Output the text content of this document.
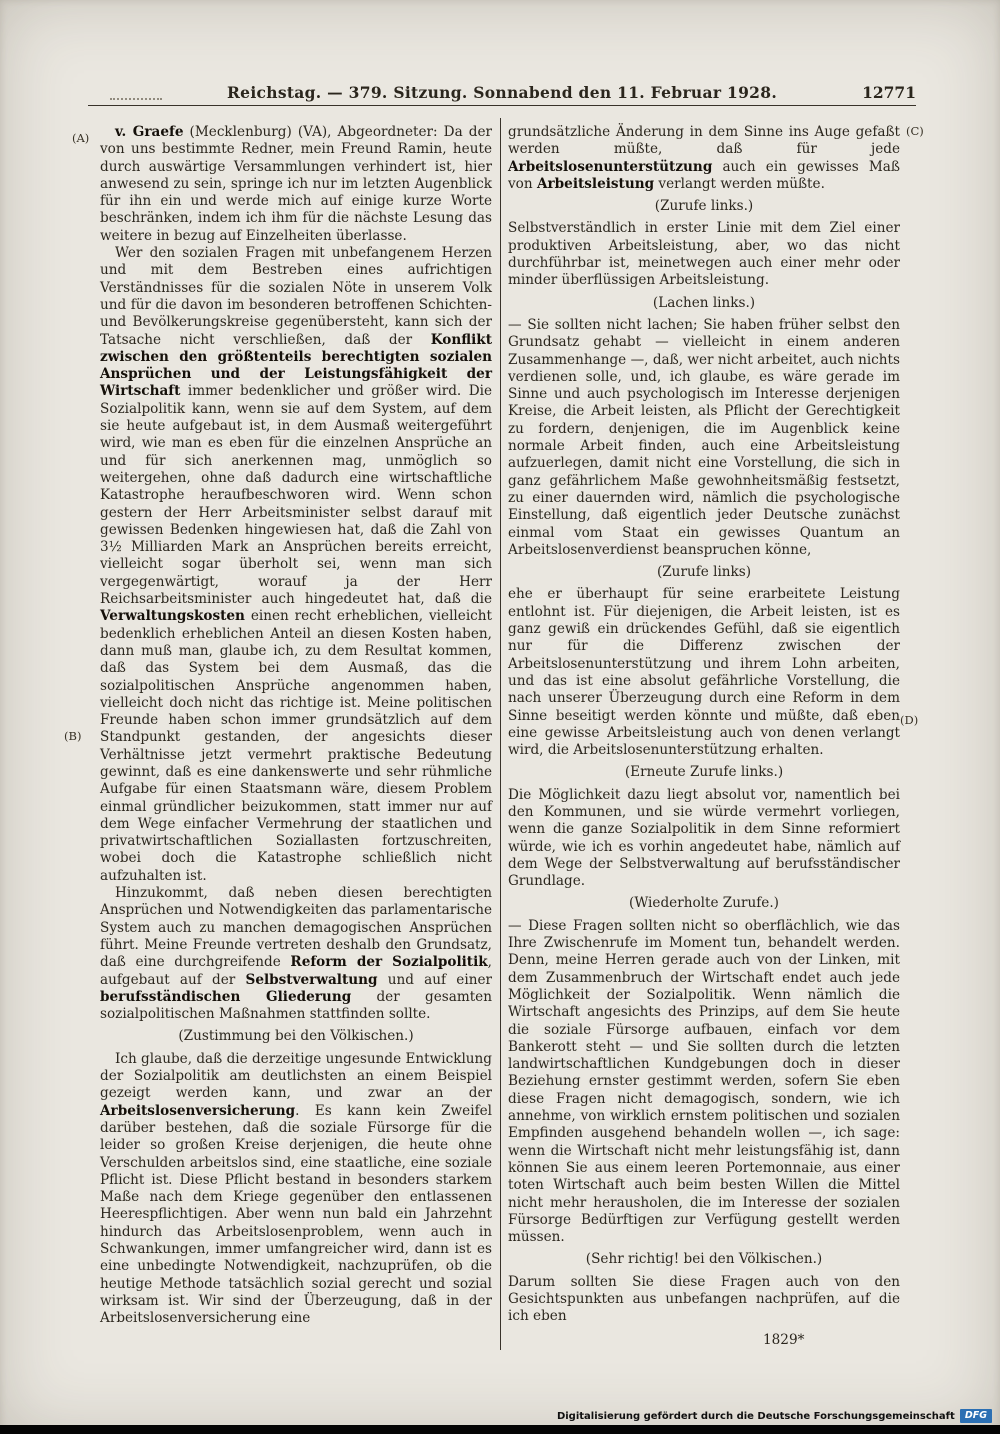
Reichstag. — 379. Sitzung. Sonnabend den 11. Februar 1928.	12771
(A)
(B)
(C)
(D)
v. Graefe (Mecklenburg) (VA), Abgeordneter: Da der von uns bestimmte Redner, mein Freund Ramin, heute durch auswärtige Versammlungen verhindert ist, hier anwesend zu sein, springe ich nur im letzten Augenblick für ihn ein und werde mich auf einige kurze Worte beschränken, indem ich ihm für die nächste Lesung das weitere in bezug auf Einzelheiten überlasse.
Wer den sozialen Fragen mit unbefangenem Herzen und mit dem Bestreben eines aufrichtigen Verständnisses für die sozialen Nöte in unserem Volk und für die davon im besonderen betroffenen Schichten- und Bevölkerungskreise gegenübersteht, kann sich der Tatsache nicht verschließen, daß der Konflikt zwischen den größtenteils berechtigten sozialen Ansprüchen und der Leistungsfähigkeit der Wirtschaft immer bedenklicher und größer wird. Die Sozialpolitik kann, wenn sie auf dem System, auf dem sie heute aufgebaut ist, in dem Ausmaß weitergeführt wird, wie man es eben für die einzelnen Ansprüche an und für sich anerkennen mag, unmöglich so weitergehen, ohne daß dadurch eine wirtschaftliche Katastrophe heraufbeschworen wird. Wenn schon gestern der Herr Arbeitsminister selbst darauf mit gewissen Bedenken hingewiesen hat, daß die Zahl von 3½ Milliarden Mark an Ansprüchen bereits erreicht, vielleicht sogar überholt sei, wenn man sich vergegenwärtigt, worauf ja der Herr Reichsarbeitsminister auch hingedeutet hat, daß die Verwaltungskosten einen recht erheblichen, vielleicht bedenklich erheblichen Anteil an diesen Kosten haben, dann muß man, glaube ich, zu dem Resultat kommen, daß das System bei dem Ausmaß, das die sozialpolitischen Ansprüche angenommen haben, vielleicht doch nicht das richtige ist. Meine politischen Freunde haben schon immer grundsätzlich auf dem Standpunkt gestanden, der angesichts dieser Verhältnisse jetzt vermehrt praktische Bedeutung gewinnt, daß es eine dankenswerte und sehr rühmliche Aufgabe für einen Staatsmann wäre, diesem Problem einmal gründlicher beizukommen, statt immer nur auf dem Wege einfacher Vermehrung der staatlichen und privatwirtschaftlichen Soziallasten fortzuschreiten, wobei doch die Katastrophe schließlich nicht aufzuhalten ist.
Hinzukommt, daß neben diesen berechtigten Ansprüchen und Notwendigkeiten das parlamentarische System auch zu manchen demagogischen Ansprüchen führt. Meine Freunde vertreten deshalb den Grundsatz, daß eine durchgreifende Reform der Sozialpolitik, aufgebaut auf der Selbstverwaltung und auf einer berufsständischen Gliederung der gesamten sozialpolitischen Maßnahmen stattfinden sollte.
(Zustimmung bei den Völkischen.)
Ich glaube, daß die derzeitige ungesunde Entwicklung der Sozialpolitik am deutlichsten an einem Beispiel gezeigt werden kann, und zwar an der Arbeitslosenversicherung. Es kann kein Zweifel darüber bestehen, daß die soziale Fürsorge für die leider so großen Kreise derjenigen, die heute ohne Verschulden arbeitslos sind, eine staatliche, eine soziale Pflicht ist. Diese Pflicht bestand in besonders starkem Maße nach dem Kriege gegenüber den entlassenen Heerespflichtigen. Aber wenn nun bald ein Jahrzehnt hindurch das Arbeitslosenproblem, wenn auch in Schwankungen, immer umfangreicher wird, dann ist es eine unbedingte Notwendigkeit, nachzuprüfen, ob die heutige Methode tatsächlich sozial gerecht und sozial wirksam ist. Wir sind der Überzeugung, daß in der Arbeitslosenversicherung eine
grundsätzliche Änderung in dem Sinne ins Auge gefaßt werden müßte, daß für jede Arbeitslosenunterstützung auch ein gewisses Maß von Arbeitsleistung verlangt werden müßte.
(Zurufe links.)
Selbstverständlich in erster Linie mit dem Ziel einer produktiven Arbeitsleistung, aber, wo das nicht durchführbar ist, meinetwegen auch einer mehr oder minder überflüssigen Arbeitsleistung.
(Lachen links.)
— Sie sollten nicht lachen; Sie haben früher selbst den Grundsatz gehabt — vielleicht in einem anderen Zusammenhange —, daß, wer nicht arbeitet, auch nichts verdienen solle, und, ich glaube, es wäre gerade im Sinne und auch psychologisch im Interesse derjenigen Kreise, die Arbeit leisten, als Pflicht der Gerechtigkeit zu fordern, denjenigen, die im Augenblick keine normale Arbeit finden, auch eine Arbeitsleistung aufzuerlegen, damit nicht eine Vorstellung, die sich in ganz gefährlichem Maße gewohnheitsmäßig festsetzt, zu einer dauernden wird, nämlich die psychologische Einstellung, daß eigentlich jeder Deutsche zunächst einmal vom Staat ein gewisses Quantum an Arbeitslosenverdienst beanspruchen könne,
(Zurufe links)
ehe er überhaupt für seine erarbeitete Leistung entlohnt ist. Für diejenigen, die Arbeit leisten, ist es ganz gewiß ein drückendes Gefühl, daß sie eigentlich nur für die Differenz zwischen der Arbeitslosenunterstützung und ihrem Lohn arbeiten, und das ist eine absolut gefährliche Vorstellung, die nach unserer Überzeugung durch eine Reform in dem Sinne beseitigt werden könnte und müßte, daß eben eine gewisse Arbeitsleistung auch von denen verlangt wird, die Arbeitslosenunterstützung erhalten.
(Erneute Zurufe links.)
Die Möglichkeit dazu liegt absolut vor, namentlich bei den Kommunen, und sie würde vermehrt vorliegen, wenn die ganze Sozialpolitik in dem Sinne reformiert würde, wie ich es vorhin angedeutet habe, nämlich auf dem Wege der Selbstverwaltung auf berufsständischer Grundlage.
(Wiederholte Zurufe.)
— Diese Fragen sollten nicht so oberflächlich, wie das Ihre Zwischenrufe im Moment tun, behandelt werden. Denn, meine Herren gerade auch von der Linken, mit dem Zusammenbruch der Wirtschaft endet auch jede Möglichkeit der Sozialpolitik. Wenn nämlich die Wirtschaft angesichts des Prinzips, auf dem Sie heute die soziale Fürsorge aufbauen, einfach vor dem Bankerott steht — und Sie sollten durch die letzten landwirtschaftlichen Kundgebungen doch in dieser Beziehung ernster gestimmt werden, sofern Sie eben diese Fragen nicht demagogisch, sondern, wie ich annehme, von wirklich ernstem politischen und sozialen Empfinden ausgehend behandeln wollen —, ich sage: wenn die Wirtschaft nicht mehr leistungsfähig ist, dann können Sie aus einem leeren Portemonnaie, aus einer toten Wirtschaft auch beim besten Willen die Mittel nicht mehr herausholen, die im Interesse der sozialen Fürsorge Bedürftigen zur Verfügung gestellt werden müssen.
(Sehr richtig! bei den Völkischen.)
Darum sollten Sie diese Fragen auch von den Gesichtspunkten aus unbefangen nachprüfen, auf die ich eben
1829*
Digitalisierung gefördert durch die Deutsche Forschungsgemeinschaft	DFG
